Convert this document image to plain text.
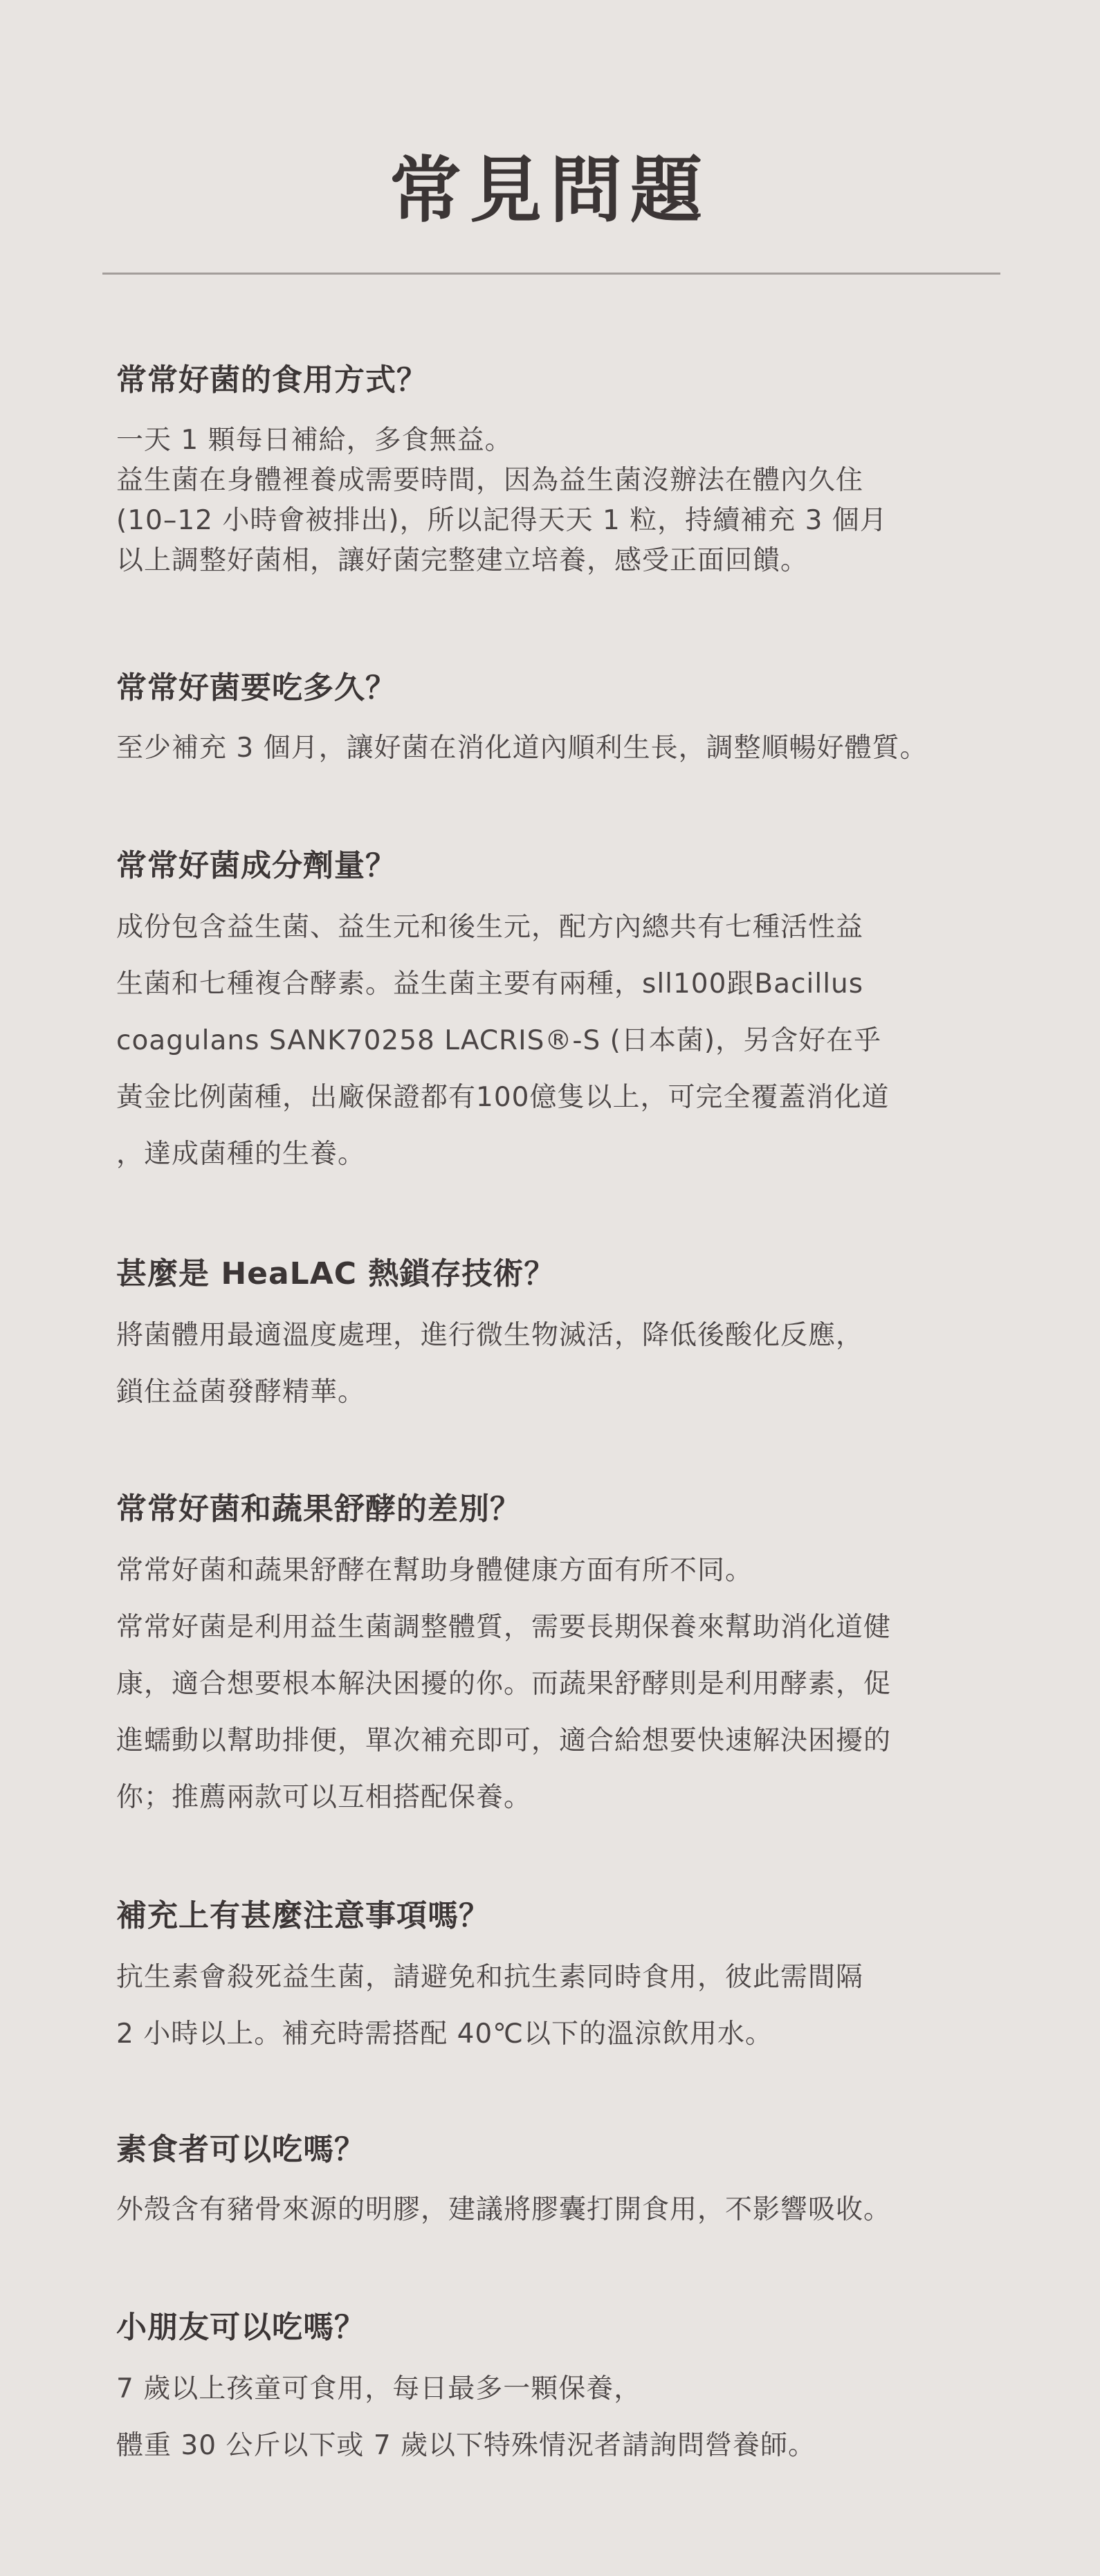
常見問題
常常好菌的食用方式？
一天 1 顆每日補給，多食無益。
益生菌在身體裡養成需要時間，因為益生菌沒辦法在體內久住
(10–12 小時會被排出)，所以記得天天 1 粒，持續補充 3 個月
以上調整好菌相，讓好菌完整建立培養，感受正面回饋。
常常好菌要吃多久？
至少補充 3 個月，讓好菌在消化道內順利生長，調整順暢好體質。
常常好菌成分劑量？
成份包含益生菌、益生元和後生元，配方內總共有七種活性益
生菌和七種複合酵素。益生菌主要有兩種，sll100跟Bacillus
coagulans SANK70258 LACRIS®-S (日本菌)，另含好在乎
黃金比例菌種，出廠保證都有100億隻以上，可完全覆蓋消化道
，達成菌種的生養。
甚麼是 HeaLAC 熱鎖存技術？
將菌體用最適溫度處理，進行微生物滅活，降低後酸化反應，
鎖住益菌發酵精華。
常常好菌和蔬果舒酵的差別？
常常好菌和蔬果舒酵在幫助身體健康方面有所不同。
常常好菌是利用益生菌調整體質，需要長期保養來幫助消化道健
康，適合想要根本解決困擾的你。而蔬果舒酵則是利用酵素，促
進蠕動以幫助排便，單次補充即可，適合給想要快速解決困擾的
你；推薦兩款可以互相搭配保養。
補充上有甚麼注意事項嗎？
抗生素會殺死益生菌，請避免和抗生素同時食用，彼此需間隔
2 小時以上。補充時需搭配 40℃以下的溫涼飲用水。
素食者可以吃嗎？
外殼含有豬骨來源的明膠，建議將膠囊打開食用，不影響吸收。
小朋友可以吃嗎？
7 歲以上孩童可食用，每日最多一顆保養，
體重 30 公斤以下或 7 歲以下特殊情況者請詢問營養師。
